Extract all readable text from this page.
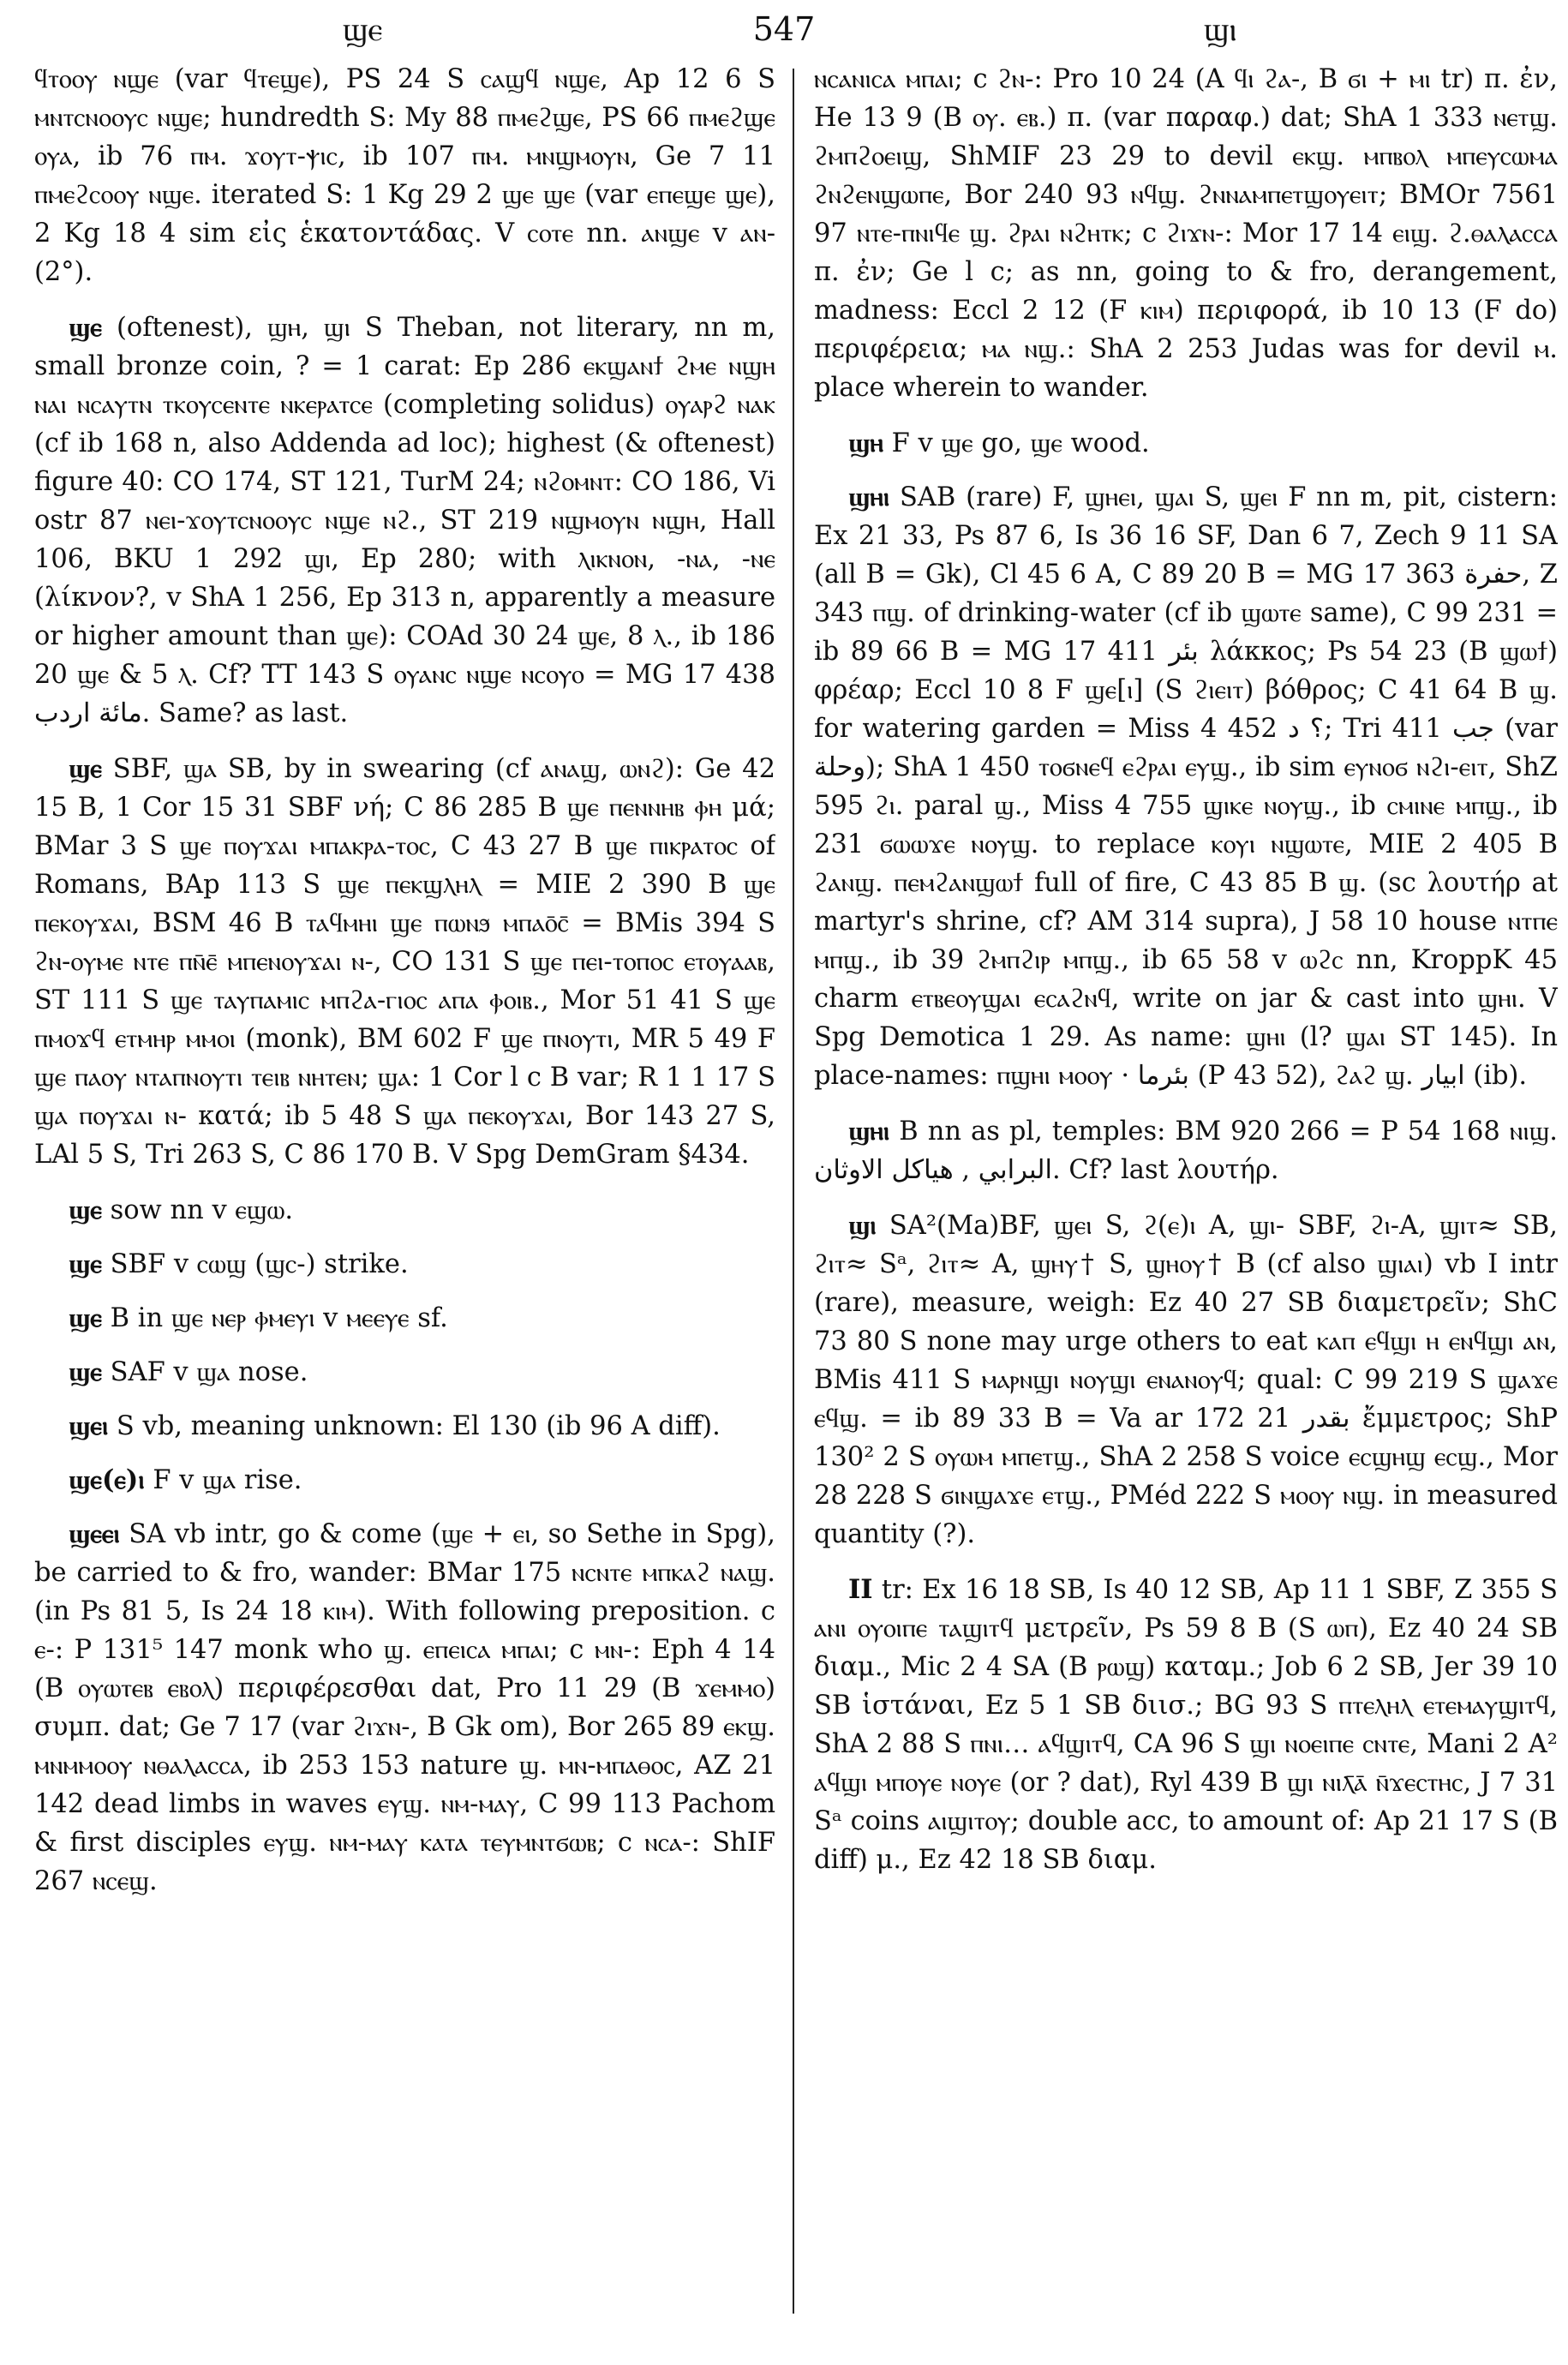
547
ϣⲉ	ϣⲓ

ϥⲧⲟⲟⲩ ⲛϣⲉ (var ϥⲧⲉϣⲉ), PS 24 S ⲥⲁϣϥ ⲛϣⲉ, Ap 12 6 S ⲙⲛⲧⲥⲛⲟⲟⲩⲥ ⲛϣⲉ; hundredth S: My 88 ⲡⲙⲉϩϣⲉ, PS 66 ⲡⲙⲉϩϣⲉ ⲟⲩⲁ, ib 76 ⲡⲙ. ϫⲟⲩⲧ-ⲯⲓⲥ, ib 107 ⲡⲙ. ⲙⲛϣⲙⲟⲩⲛ, Ge 7 11 ⲡⲙⲉϩⲥⲟⲟⲩ ⲛϣⲉ. iterated S: 1 Kg 29 2 ϣⲉ ϣⲉ (var ⲉⲡⲉϣⲉ ϣⲉ), 2 Kg 18 4 sim εἰς ἑκατοντάδας. V ⲥⲟⲧⲉ nn. ⲁⲛϣⲉ v ⲁⲛ- (2°).

ϣⲉ (oftenest), ϣⲏ, ϣⲓ S Theban, not literary, nn m, small bronze coin, ? = 1 carat: Ep 286 ⲉⲕϣⲁⲛϯ ϩⲙⲉ ⲛϣⲏ ⲛⲁⲓ ⲛⲥⲁⲩⲧⲛ ⲧⲕⲟⲩⲥⲉⲛⲧⲉ ⲛⲕⲉⲣⲁⲧⲥⲉ (completing solidus) ⲟⲩⲁⲣϩ ⲛⲁⲕ (cf ib 168 n, also Addenda ad loc); highest (& oftenest) figure 40: CO 174, ST 121, TurM 24; ⲛϩⲟⲙⲛⲧ: CO 186, Vi ostr 87 ⲛⲉⲓ-ϫⲟⲩⲧⲥⲛⲟⲟⲩⲥ ⲛϣⲉ ⲛϩ., ST 219 ⲛϣⲙⲟⲩⲛ ⲛϣⲏ, Hall 106, BKU 1 292 ϣⲓ, Ep 280; with ⲗⲓⲕⲛⲟⲛ, -ⲛⲁ, -ⲛⲉ (λίκνον?, v ShA 1 256, Ep 313 n, apparently a measure or higher amount than ϣⲉ): COAd 30 24 ϣⲉ, 8 ⲗ., ib 186 20 ϣⲉ & 5 ⲗ. Cf? TT 143 S ⲟⲩⲁⲛⲥ ⲛϣⲉ ⲛⲥⲟⲩⲟ = MG 17 438 مائة اردب. Same? as last.

ϣⲉ SBF, ϣⲁ SB, by in swearing (cf ⲁⲛⲁϣ, ⲱⲛϩ): Ge 42 15 B, 1 Cor 15 31 SBF νή; C 86 285 B ϣⲉ ⲡⲉⲛⲛⲏⲃ ⲫⲏ μά; BMar 3 S ϣⲉ ⲡⲟⲩϫⲁⲓ ⲙⲡⲁⲕⲣⲁ-ⲧⲟⲥ, C 43 27 B ϣⲉ ⲡⲓⲕⲣⲁⲧⲟⲥ of Romans, BAp 113 S ϣⲉ ⲡⲉⲕϣⲗⲏⲗ = MIE 2 390 B ϣⲉ ⲡⲉⲕⲟⲩϫⲁⲓ, BSM 46 B ⲧⲁϥⲙⲏⲓ ϣⲉ ⲡⲱⲛϧ ⲙⲡⲁⲟ̄ⲥ̄ = BMis 394 S ϩⲛ-ⲟⲩⲙⲉ ⲛⲧⲉ ⲡⲛ̄ⲉ̄ ⲙⲡⲉⲛⲟⲩϫⲁⲓ ⲛ-, CO 131 S ϣⲉ ⲡⲉⲓ-ⲧⲟⲡⲟⲥ ⲉⲧⲟⲩⲁⲁⲃ, ST 111 S ϣⲉ ⲧⲁⲩⲡⲁⲙⲓⲥ ⲙⲡϩⲁ-ⲅⲓⲟⲥ ⲁⲡⲁ ⲫⲟⲓⲃ., Mor 51 41 S ϣⲉ ⲡⲙⲟϫϥ ⲉⲧⲙⲏⲣ ⲙⲙⲟⲓ (monk), BM 602 F ϣⲉ ⲡⲛⲟⲩⲧⲓ, MR 5 49 F ϣⲉ ⲡⲁⲟⲩ ⲛⲧⲁⲡⲛⲟⲩⲧⲓ ⲧⲉⲓⲃ ⲛⲏⲧⲉⲛ; ϣⲁ: 1 Cor l c B var; R 1 1 17 S ϣⲁ ⲡⲟⲩϫⲁⲓ ⲛ- κατά; ib 5 48 S ϣⲁ ⲡⲉⲕⲟⲩϫⲁⲓ, Bor 143 27 S, LAl 5 S, Tri 263 S, C 86 170 B. V Spg DemGram §434.

ϣⲉ sow nn v ⲉϣⲱ.

ϣⲉ SBF v ⲥⲱϣ (ϣⲥ-) strike.

ϣⲉ B in ϣⲉ ⲛⲉⲣ ⲫⲙⲉⲩⲓ v ⲙⲉⲉⲩⲉ sf.

ϣⲉ SAF v ϣⲁ nose.

ϣⲉⲓ S vb, meaning unknown: El 130 (ib 96 A diff).

ϣⲉ(ⲉ)ⲓ F v ϣⲁ rise.

ϣⲉⲉⲓ SA vb intr, go & come (ϣⲉ + ⲉⲓ, so Sethe in Spg), be carried to & fro, wander: BMar 175 ⲛⲥⲛⲧⲉ ⲙⲡⲕⲁϩ ⲛⲁϣ. (in Ps 81 5, Is 24 18 ⲕⲓⲙ). With following preposition. c ⲉ-: P 131⁵ 147 monk who ϣ. ⲉⲡⲉⲓⲥⲁ ⲙⲡⲁⲓ; c ⲙⲛ-: Eph 4 14 (B ⲟⲩⲱⲧⲉⲃ ⲉⲃⲟⲗ) περιφέρεσθαι dat, Pro 11 29 (B ϫⲉⲙⲙⲟ) συμπ. dat; Ge 7 17 (var ϩⲓϫⲛ-, B Gk om), Bor 265 89 ⲉⲕϣ. ⲙⲛⲙⲙⲟⲟⲩ ⲛⲑⲁⲗⲁⲥⲥⲁ, ib 253 153 nature ϣ. ⲙⲛ-ⲙⲡⲁⲑⲟⲥ, AZ 21 142 dead limbs in waves ⲉⲩϣ. ⲛⲙ-ⲙⲁⲩ, C 99 113 Pachom & first disciples ⲉⲩϣ. ⲛⲙ-ⲙⲁⲩ ⲕⲁⲧⲁ ⲧⲉⲩⲙⲛⲧϭⲱⲃ; c ⲛⲥⲁ-: ShIF 267 ⲛⲥⲉϣ.

ⲛⲥⲁⲛⲓⲥⲁ ⲙⲡⲁⲓ; c ϩⲛ-: Pro 10 24 (A ϥⲓ ϩⲁ-, B ϭⲓ + ⲙⲓ tr) π. ἐν, He 13 9 (B ⲟⲩ. ⲉⲃ.) π. (var παραφ.) dat; ShA 1 333 ⲛⲉⲧϣ. ϩⲙⲡϩⲟⲉⲓϣ, ShMIF 23 29 to devil ⲉⲕϣ. ⲙⲡⲃⲟⲗ ⲙⲡⲉⲩⲥⲱⲙⲁ ϩⲛϩⲉⲛϣⲱⲡⲉ, Bor 240 93 ⲛϥϣ. ϩⲛⲛⲁⲙⲡⲉⲧϣⲟⲩⲉⲓⲧ; BMOr 7561 97 ⲛⲧⲉ-ⲡⲛⲓϥⲉ ϣ. ϩⲣⲁⲓ ⲛϩⲏⲧⲕ; c ϩⲓϫⲛ-: Mor 17 14 ⲉⲓϣ. ϩ.ⲑⲁⲗⲁⲥⲥⲁ π. ἐν; Ge l c; as nn, going to & fro, derangement, madness: Eccl 2 12 (F ⲕⲓⲙ) περιφορά, ib 10 13 (F do) περιφέρεια; ⲙⲁ ⲛϣ.: ShA 2 253 Judas was for devil ⲙ. place wherein to wander.

ϣⲏ F v ϣⲉ go, ϣⲉ wood.

ϣⲏⲓ SAB (rare) F, ϣⲏⲉⲓ, ϣⲁⲓ S, ϣⲉⲓ F nn m, pit, cistern: Ex 21 33, Ps 87 6, Is 36 16 SF, Dan 6 7, Zech 9 11 SA (all B = Gk), Cl 45 6 A, C 89 20 B = MG 17 363 حفرة, Z 343 ⲡϣ. of drinking-water (cf ib ϣⲱⲧⲉ same), C 99 231 = ib 89 66 B = MG 17 411 بئر λάκκος; Ps 54 23 (B ϣⲱϯ) φρέαρ; Eccl 10 8 F ϣⲉ[ⲓ] (S ϩⲓⲉⲓⲧ) βόθρος; C 41 64 B ϣ. for watering garden = Miss 4 452 ؟ د; Tri 411 جب (var وحلة); ShA 1 450 ⲧⲟϭⲛⲉϥ ⲉϩⲣⲁⲓ ⲉⲩϣ., ib sim ⲉⲩⲛⲟϭ ⲛϩⲓ-ⲉⲓⲧ, ShZ 595 ϩⲓ. paral ϣ., Miss 4 755 ϣⲓⲕⲉ ⲛⲟⲩϣ., ib ⲥⲙⲓⲛⲉ ⲙⲡϣ., ib 231 ϭⲱⲱϫⲉ ⲛⲟⲩϣ. to replace ⲕⲟⲩⲓ ⲛϣⲱⲧⲉ, MIE 2 405 B ϩⲁⲛϣ. ⲡⲉⲙϩⲁⲛϣⲱϯ full of fire, C 43 85 B ϣ. (sc λουτήρ at martyr's shrine, cf? AM 314 supra), J 58 10 house ⲛⲧⲡⲉ ⲙⲡϣ., ib 39 ϩⲙⲡϩⲓⲣ ⲙⲡϣ., ib 65 58 v ⲱϩⲥ nn, KroppK 45 charm ⲉⲧⲃⲉⲟⲩϣⲁⲓ ⲉⲥⲁϩⲛϥ, write on jar & cast into ϣⲏⲓ. V Spg Demotica 1 29. As name: ϣⲏⲓ (l? ϣⲁⲓ ST 145). In place-names: ⲡϣⲏⲓ ⲙⲟⲟⲩ · بئرما (P 43 52), ϩⲁϩ ϣ. ابيار (ib).

ϣⲏⲓ B nn as pl, temples: BM 920 266 = P 54 168 ⲛⲓϣ. البرابي , هياكل الاوثان. Cf? last λουτήρ.

ϣⲓ SA²(Ma)BF, ϣⲉⲓ S, ϩ(ⲉ)ⲓ A, ϣⲓ- SBF, ϩⲓ-A, ϣⲓⲧ≈ SB, ϩⲓⲧ≈ Sᵃ, ϩⲓⲧ≈ A, ϣⲏⲩ† S, ϣⲏⲟⲩ† B (cf also ϣⲓⲁⲓ) vb I intr (rare), measure, weigh: Ez 40 27 SB διαμετρεῖν; ShC 73 80 S none may urge others to eat ⲕⲁⲡ ⲉϥϣⲓ ⲏ ⲉⲛϥϣⲓ ⲁⲛ, BMis 411 S ⲙⲁⲣⲛϣⲓ ⲛⲟⲩϣⲓ ⲉⲛⲁⲛⲟⲩϥ; qual: C 99 219 S ϣⲁϫⲉ ⲉϥϣ. = ib 89 33 B = Va ar 172 21 بقدر ἔμμετρος; ShP 130² 2 S ⲟⲩⲱⲙ ⲙⲡⲉⲧϣ., ShA 2 258 S voice ⲉⲥϣⲏϣ ⲉⲥϣ., Mor 28 228 S ϭⲓⲛϣⲁϫⲉ ⲉⲧϣ., PMéd 222 S ⲙⲟⲟⲩ ⲛϣ. in measured quantity (?).

II tr: Ex 16 18 SB, Is 40 12 SB, Ap 11 1 SBF, Z 355 S ⲁⲛⲓ ⲟⲩⲟⲓⲡⲉ ⲧⲁϣⲓⲧϥ μετρεῖν, Ps 59 8 B (S ⲱⲡ), Ez 40 24 SB διαμ., Mic 2 4 SA (B ⲣⲱϣ) καταμ.; Job 6 2 SB, Jer 39 10 SB ἱστάναι, Ez 5 1 SB διισ.; BG 93 S ⲡⲧⲉⲗⲏⲗ ⲉⲧⲉⲙⲁⲩϣⲓⲧϥ, ShA 2 88 S ⲡⲛⲓ… ⲁϥϣⲓⲧϥ, CA 96 S ϣⲓ ⲛⲟⲉⲓⲡⲉ ⲥⲛⲧⲉ, Mani 2 A² ⲁϥϣⲓ ⲙⲡⲟⲩⲉ ⲛⲟⲩⲉ (or ? dat), Ryl 439 B ϣⲓ ⲛⲓⲗ̄ⲁ̄ ⲛ̄ϫⲉⲥⲧⲏⲥ, J 7 31 Sᵃ coins ⲁⲓϣⲓⲧⲟⲩ; double acc, to amount of: Ap 21 17 S (B diff) μ., Ez 42 18 SB διαμ.
